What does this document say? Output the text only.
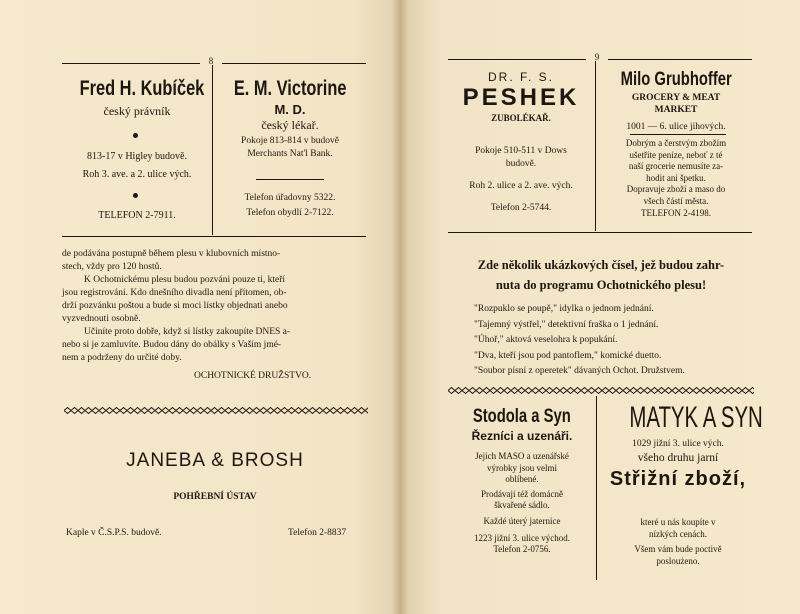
8
Fred H. Kubíček
český právník
813-17 v Higley budově.
Roh 3. ave. a 2. ulice vých.
TELEFON 2-7911.
E. M. Victorine
M. D.
český lékař.
Pokoje 813-814 v budově
Merchants Nat'l Bank.
Telefon úřadovny 5322.
Telefon obydlí 2-7122.
de podávána postupně během plesu v klubovních místno-
stech, vždy pro 120 hostů.
K Ochotnickému plesu budou pozváni pouze ti, kteří
jsou registrováni. Kdo dnešního divadla není přítomen, ob-
drží pozvánku poštou a bude si moci lístky objednati anebo
vyzvednouti osobně.
Učiníte proto dobře, když si lístky zakoupíte DNES a-
nebo si je zamluvíte. Budou dány do obálky s Vaším jmé-
nem a podrženy do určité doby.
OCHOTNICKÉ DRUŽSTVO.
JANEBA & BROSH
POHŘEBNÍ ÚSTAV
Kaple v Č.S.P.S. budově.	Telefon 2-8837
9
DR. F. S.
PESHEK
ZUBOLÉKAŘ.
Pokoje 510-511 v Dows
budově.
Roh 2. ulice a 2. ave. vých.
Telefon 2-5744.
Milo Grubhoffer
GROCERY & MEAT
MARKET
1001 — 6. ulice jihových.
Dobrým a čerstvým zbožím
ušetříte peníze, neboť z té
naší grocerie nemusíte za-
hodit ani špetku.
Dopravuje zboží a maso do
všech částí města.
TELEFON 2-4198.
Zde několik ukázkových čísel, jež budou zahr-
nuta do programu Ochotnického plesu!
"Rozpuklo se poupě," idylka o jednom jednání.
"Tajemný výstřel," detektivní fraška o 1 jednání.
"Úhoř," aktová veselohra k popukání.
"Dva, kteří jsou pod pantoflem," komické duetto.
"Soubor písní z operetek" dávaných Ochot. Družstvem.
Stodola a Syn
Řezníci a uzenáři.
Jejich MASO a uzenářské
výrobky jsou velmi
oblíbené.
Prodávají též domácně
škvařené sádlo.
Každé úterý jaternice
1223 jižní 3. ulice východ.
Telefon 2-0756.
MATYK A SYN
1029 jižní 3. ulice vých.
všeho druhu jarní
Střižní zboží,
které u nás koupíte v
nízkých cenách.
Všem vám bude poctivě
posloużeno.
